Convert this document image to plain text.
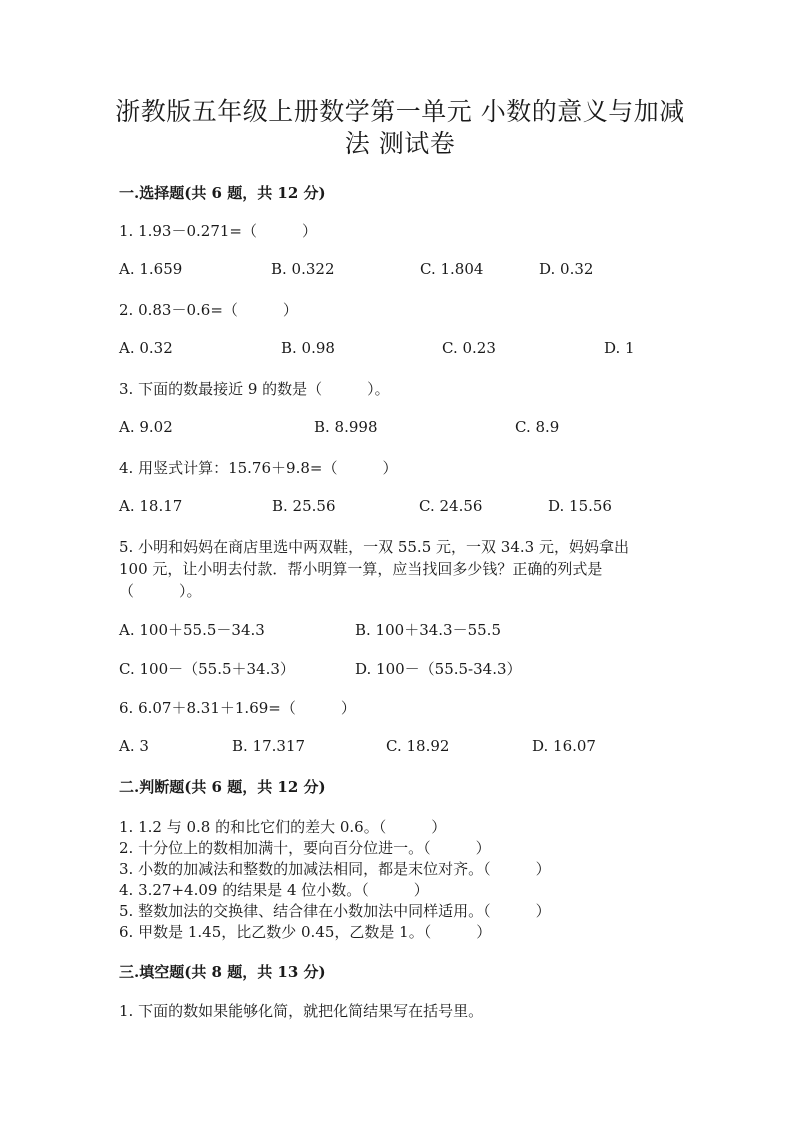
浙教版五年级上册数学第一单元 小数的意义与加减
法 测试卷
一.选择题(共 6 题，共 12 分)
1. 1.93－0.271=（　　　）
A. 1.659	B. 0.322	C. 1.804	D. 0.32
2. 0.83－0.6=（　　　）
A. 0.32	B. 0.98	C. 0.23	D. 1
3. 下面的数最接近 9 的数是（　　　）。
A. 9.02	B. 8.998	C. 8.9
4. 用竖式计算：15.76＋9.8=（　　　）
A. 18.17	B. 25.56	C. 24.56	D. 15.56
5. 小明和妈妈在商店里选中两双鞋，一双 55.5 元，一双 34.3 元，妈妈拿出
100 元，让小明去付款．帮小明算一算，应当找回多少钱？正确的列式是
（　　　）。
A. 100＋55.5－34.3	B. 100＋34.3－55.5
C. 100－（55.5＋34.3）	D. 100－（55.5-34.3）
6. 6.07＋8.31＋1.69=（　　　）
A. 3	B. 17.317	C. 18.92	D. 16.07
二.判断题(共 6 题，共 12 分)
1. 1.2 与 0.8 的和比它们的差大 0.6。（　　　）
2. 十分位上的数相加满十，要向百分位进一。（　　　）
3. 小数的加减法和整数的加减法相同，都是末位对齐。（　　　）
4. 3.27+4.09 的结果是 4 位小数。（　　　）
5. 整数加法的交换律、结合律在小数加法中同样适用。（　　　）
6. 甲数是 1.45，比乙数少 0.45，乙数是 1。（　　　）
三.填空题(共 8 题，共 13 分)
1. 下面的数如果能够化简，就把化简结果写在括号里。
